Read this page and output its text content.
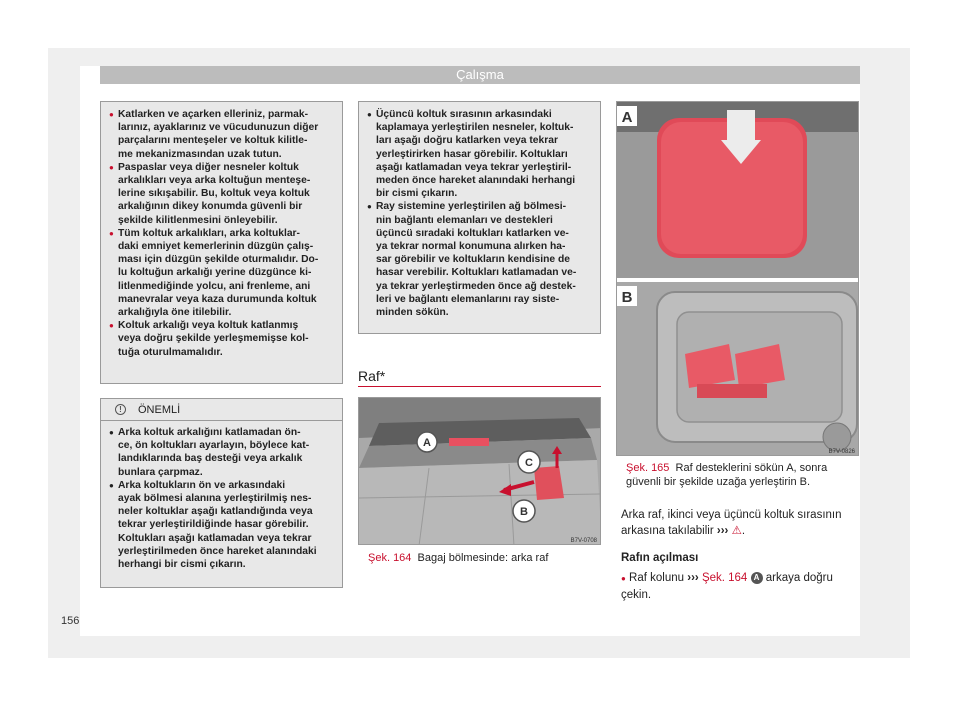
Çalışma
● Katlarken ve açarken elleriniz, parmak-
larınız, ayaklarınız ve vücudunuzun diğer
parçalarını menteşeler ve koltuk kilitle-
me mekanizmasından uzak tutun.
● Paspaslar veya diğer nesneler koltuk
arkalıkları veya arka koltuğun menteşe-
lerine sıkışabilir. Bu, koltuk veya koltuk
arkalığının dikey konumda güvenli bir
şekilde kilitlenmesini önleyebilir.
● Tüm koltuk arkalıkları, arka koltuklar-
daki emniyet kemerlerinin düzgün çalış-
ması için düzgün şekilde oturmalıdır. Do-
lu koltuğun arkalığı yerine düzgünce ki-
litlenmediğinde yolcu, ani frenleme, ani
manevralar veya kaza durumunda koltuk
arkalığıyla öne itilebilir.
● Koltuk arkalığı veya koltuk katlanmış
veya doğru şekilde yerleşmemişse kol-
tuğa oturulmamalıdır.
!	ÖNEMLİ
● Arka koltuk arkalığını katlamadan ön-
ce, ön koltukları ayarlayın, böylece kat-
landıklarında baş desteği veya arkalık
bunlara çarpmaz.
● Arka koltukların ön ve arkasındaki
ayak bölmesi alanına yerleştirilmiş nes-
neler koltuklar aşağı katlandığında veya
tekrar yerleştirildiğinde hasar görebilir.
Koltukları aşağı katlamadan veya tekrar
yerleştirilmeden önce hareket alanındaki
herhangi bir cismi çıkarın.
● Üçüncü koltuk sırasının arkasındaki
kaplamaya yerleştirilen nesneler, koltuk-
ları aşağı doğru katlarken veya tekrar
yerleştirirken hasar görebilir. Koltukları
aşağı katlamadan veya tekrar yerleştiril-
meden önce hareket alanındaki herhangi
bir cismi çıkarın.
● Ray sistemine yerleştirilen ağ bölmesi-
nin bağlantı elemanları ve destekleri
üçüncü sıradaki koltukları katlarken ve-
ya tekrar normal konumuna alırken ha-
sar görebilir ve koltukların kendisine de
hasar verebilir. Koltukları katlamadan ve-
ya tekrar yerleştirmeden önce ağ destek-
leri ve bağlantı elemanlarını ray siste-
minden sökün.
Raf*
A
C
B
B7V-0708
Şek. 164 Bagaj bölmesinde: arka raf
A
B
B7V-0826
Şek. 165 Raf desteklerini sökün A, sonra
güvenli bir şekilde uzağa yerleştirin B.
Arka raf, ikinci veya üçüncü koltuk sırasının
arkasına takılabilir ››› ⚠.
Rafın açılması
● Raf kolunu ››› Şek. 164 A arkaya doğru
çekin.
156
